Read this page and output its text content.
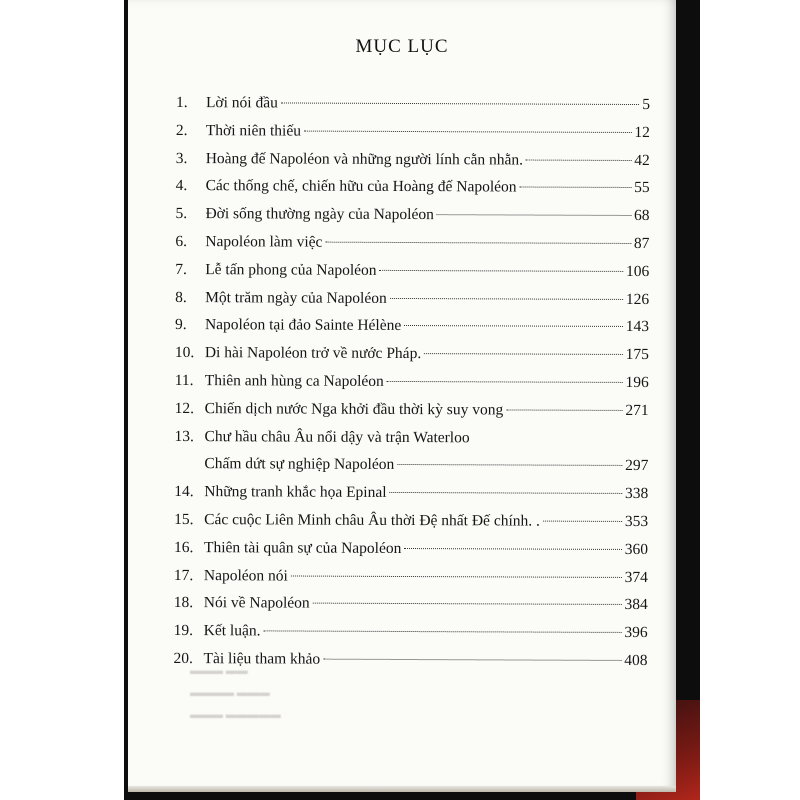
▬▬▬ ▬▬
▬▬▬▬ ▬▬▬
▬▬▬ ▬▬▬▬▬
MỤC LỤC
1.	Lời nói đầu	5
2.	Thời niên thiếu	12
3.	Hoàng đế Napoléon và những người lính cằn nhằn.	42
4.	Các thống chế, chiến hữu của Hoàng đế Napoléon	55
5.	Đời sống thường ngày của Napoléon	68
6.	Napoléon làm việc	87
7.	Lễ tấn phong của Napoléon	106
8.	Một trăm ngày của Napoléon	126
9.	Napoléon tại đảo Sainte Hélène	143
10. Di hài Napoléon trở về nước Pháp.	175
11. Thiên anh hùng ca Napoléon	196
12. Chiến dịch nước Nga khởi đầu thời kỳ suy vong	271
13. Chư hầu châu Âu nổi dậy và trận Waterloo
Chấm dứt sự nghiệp Napoléon	297
14. Những tranh khắc họa Epinal	338
15. Các cuộc Liên Minh châu Âu thời Đệ nhất Đế chính. .	353
16. Thiên tài quân sự của Napoléon	360
17. Napoléon nói	374
18. Nói về Napoléon	384
19. Kết luận.	396
20. Tài liệu tham khảo	408
